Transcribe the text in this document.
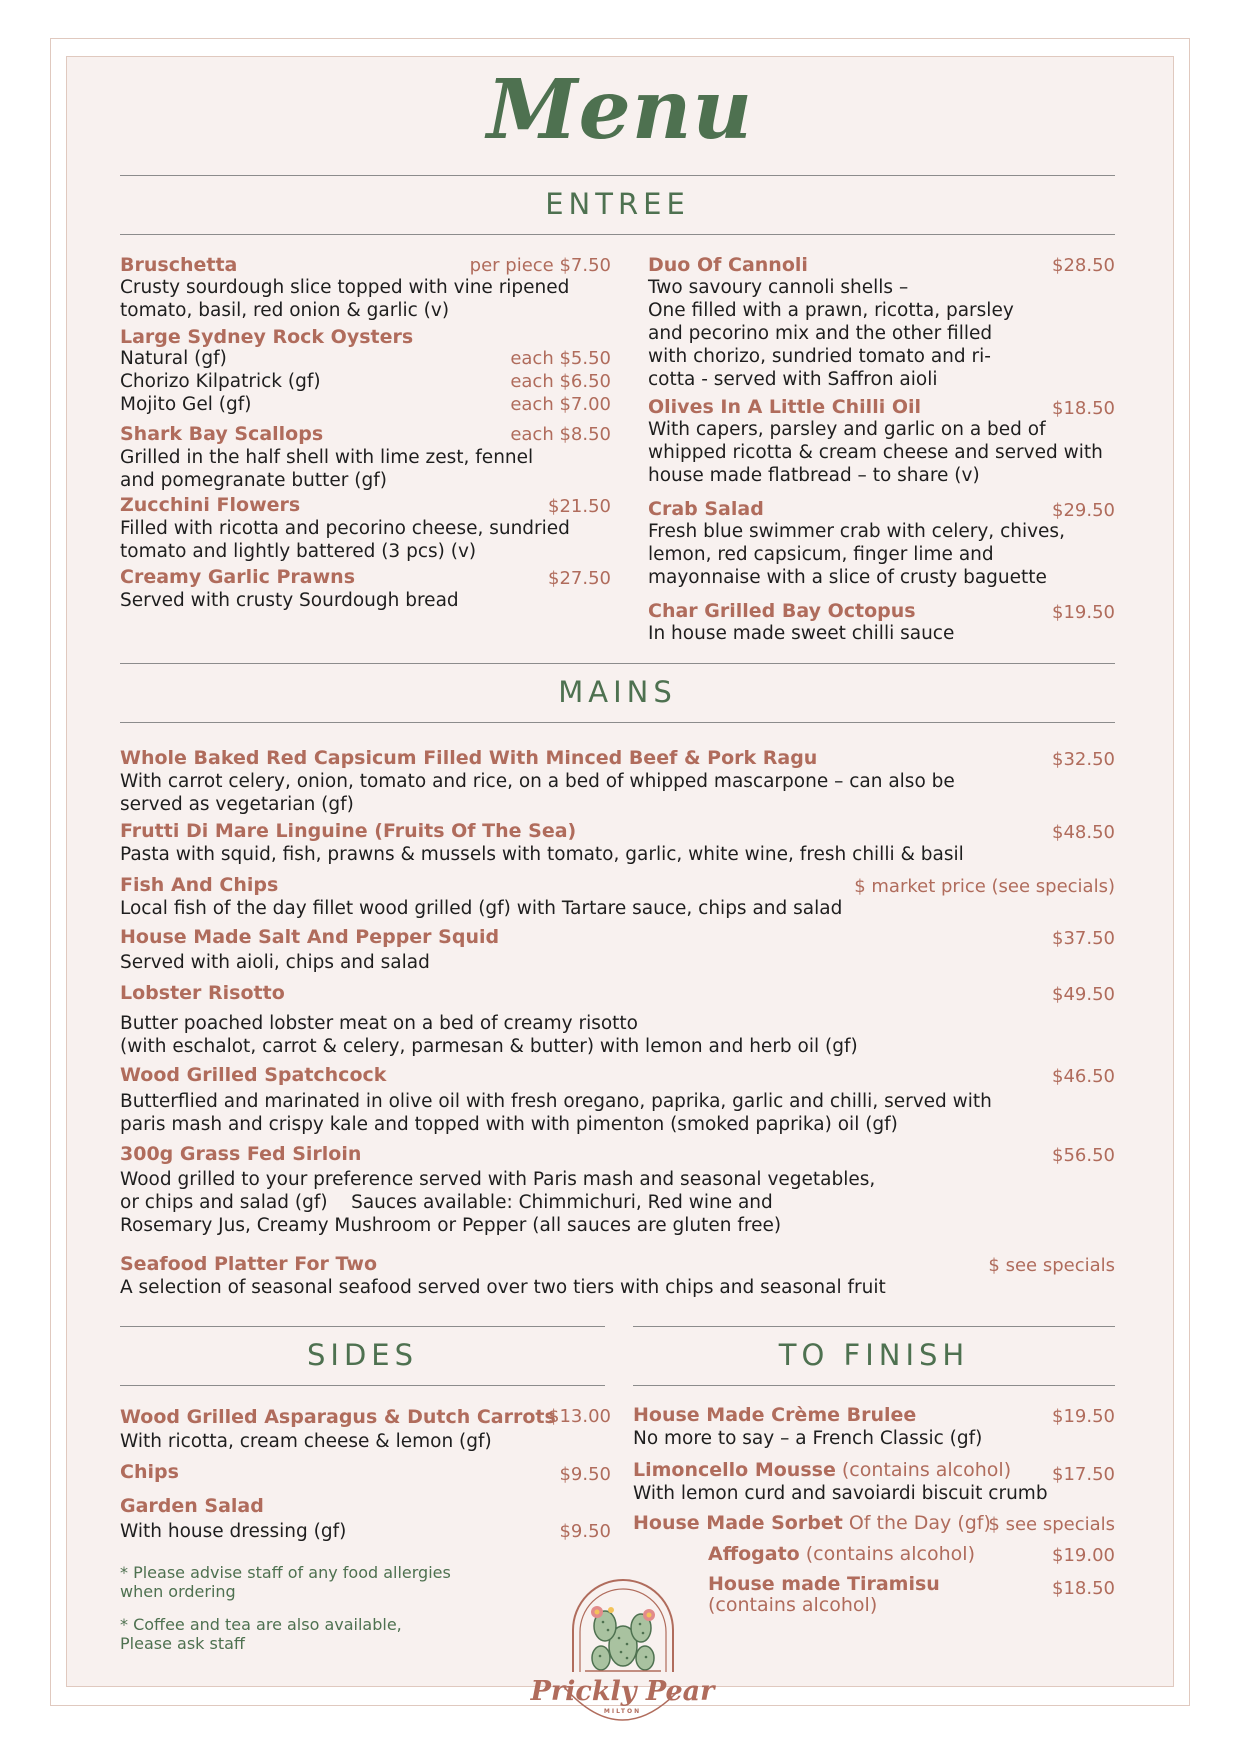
Menu
ENTREE
Bruschetta	per piece $7.50
Crusty sourdough slice topped with vine ripened
tomato, basil, red onion & garlic (v)
Large Sydney Rock Oysters
Natural (gf)	each $5.50
Chorizo Kilpatrick (gf)	each $6.50
Mojito Gel (gf)	each $7.00
Shark Bay Scallops	each $8.50
Grilled in the half shell with lime zest, fennel
and pomegranate butter (gf)
Zucchini Flowers	$21.50
Filled with ricotta and pecorino cheese, sundried
tomato and lightly battered (3 pcs) (v)
Creamy Garlic Prawns	$27.50
Served with crusty Sourdough bread
Duo Of Cannoli	$28.50
Two savoury cannoli shells –
One filled with a prawn, ricotta, parsley
and pecorino mix and the other filled
with chorizo, sundried tomato and ri-
cotta - served with Saffron aioli
Olives In A Little Chilli Oil	$18.50
With capers, parsley and garlic on a bed of
whipped ricotta & cream cheese and served with
house made flatbread – to share (v)
Crab Salad	$29.50
Fresh blue swimmer crab with celery, chives,
lemon, red capsicum, finger lime and
mayonnaise with a slice of crusty baguette
Char Grilled Bay Octopus	$19.50
In house made sweet chilli sauce
MAINS
Whole Baked Red Capsicum Filled With Minced Beef & Pork Ragu	$32.50
With carrot celery, onion, tomato and rice, on a bed of whipped mascarpone – can also be
served as vegetarian (gf)
Frutti Di Mare Linguine (Fruits Of The Sea)	$48.50
Pasta with squid, fish, prawns & mussels with tomato, garlic, white wine, fresh chilli & basil
Fish And Chips	$ market price (see specials)
Local fish of the day fillet wood grilled (gf) with Tartare sauce, chips and salad
House Made Salt And Pepper Squid	$37.50
Served with aioli, chips and salad
Lobster Risotto	$49.50
Butter poached lobster meat on a bed of creamy risotto
(with eschalot, carrot & celery, parmesan & butter) with lemon and herb oil (gf)
Wood Grilled Spatchcock	$46.50
Butterflied and marinated in olive oil with fresh oregano, paprika, garlic and chilli, served with
paris mash and crispy kale and topped with with pimenton (smoked paprika) oil (gf)
300g Grass Fed Sirloin	$56.50
Wood grilled to your preference served with Paris mash and seasonal vegetables,
or chips and salad (gf)    Sauces available: Chimmichuri, Red wine and
Rosemary Jus, Creamy Mushroom or Pepper (all sauces are gluten free)
Seafood Platter For Two	$ see specials
A selection of seasonal seafood served over two tiers with chips and seasonal fruit
SIDES
Wood Grilled Asparagus & Dutch Carrots
$13.00
With ricotta, cream cheese & lemon (gf)
Chips	$9.50
Garden Salad
With house dressing (gf)	$9.50
* Please advise staff of any food allergies
when ordering
* Coffee and tea are also available,
Please ask staff
TO FINISH
House Made Crème Brulee	$19.50
No more to say – a French Classic (gf)
Limoncello Mousse (contains alcohol) $17.50
With lemon curd and savoiardi biscuit crumb
House Made Sorbet Of the Day (gf)
$ see specials
Affogato (contains alcohol)	$19.00
House made Tiramisu	$18.50
(contains alcohol)
Prickly Pear
MILTON
